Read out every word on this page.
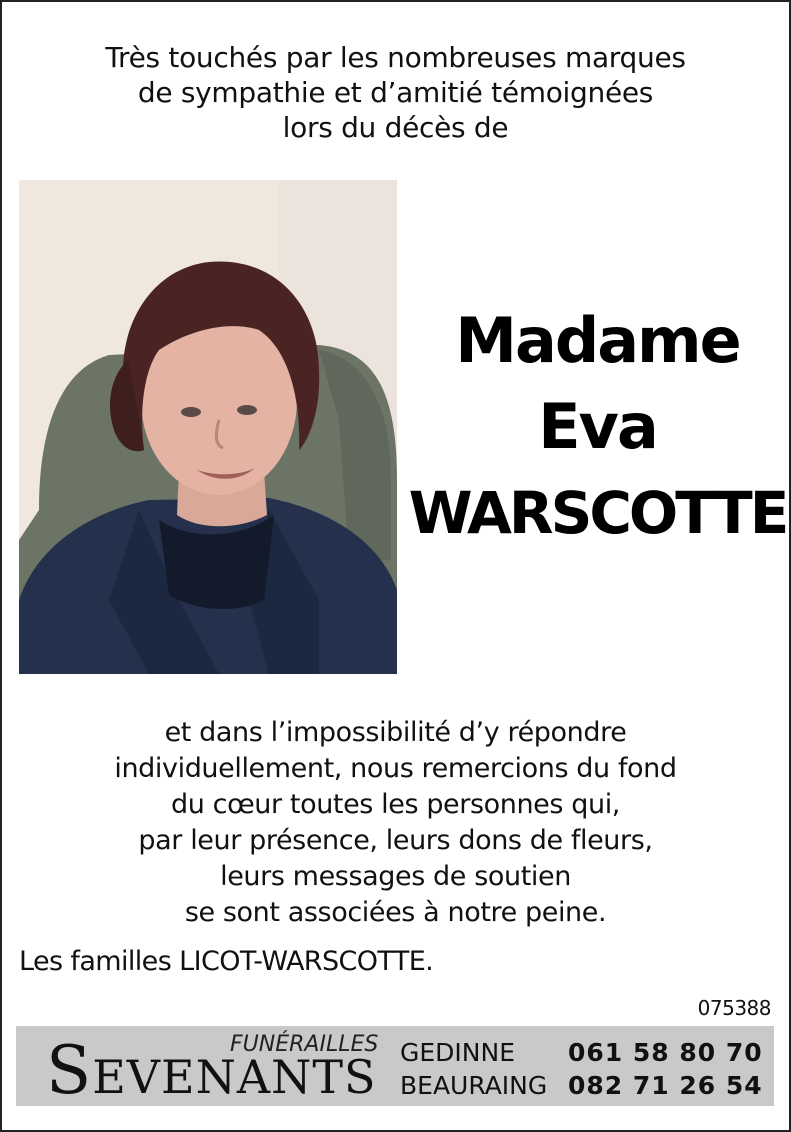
Très touchés par les nombreuses marques
de sympathie et d’amitié témoignées
lors du décès de
Madame
Eva
WARSCOTTE
et dans l’impossibilité d’y répondre
individuellement, nous remercions du fond
du cœur toutes les personnes qui,
par leur présence, leurs dons de fleurs,
leurs messages de soutien
se sont associées à notre peine.
Les familles LICOT-WARSCOTTE.
075388
FUNÉRAILLES
SEVENANTS GEDINNE 061 58 80 70
BEAURAING 082 71 26 54
